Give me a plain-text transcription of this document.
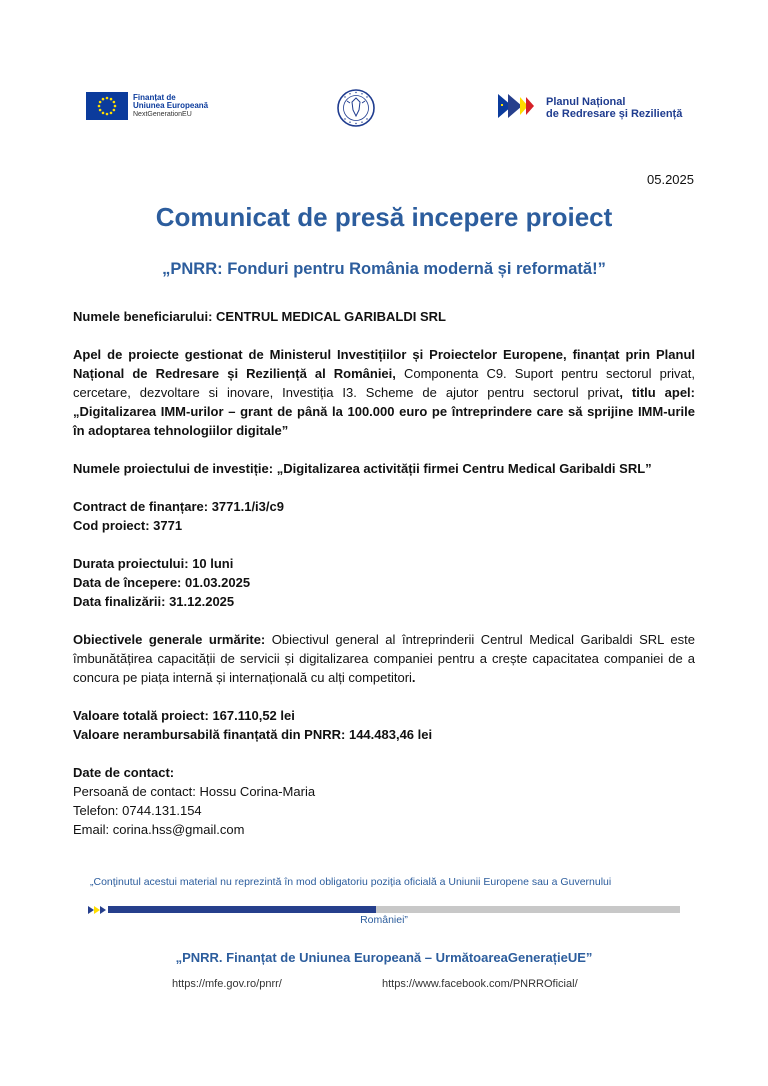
Finanțat de
Uniunea Europeană
NextGenerationEU
Planul Național
de Redresare și Reziliență
05.2025
Comunicat de presă incepere proiect
„PNRR: Fonduri pentru România modernă și reformată!”

Numele beneficiarului: CENTRUL MEDICAL GARIBALDI SRL

Apel de proiecte gestionat de Ministerul Investițiilor și Proiectelor Europene, finanțat prin Planul Național de Redresare și Reziliență al României, Componenta C9. Suport pentru sectorul privat, cercetare, dezvoltare si inovare, Investiția I3. Scheme de ajutor pentru sectorul privat, titlu apel: „Digitalizarea IMM-urilor – grant de până la 100.000 euro pe întreprindere care să sprijine IMM-urile în adoptarea tehnologiilor digitale”

Numele proiectului de investiție: „Digitalizarea activității firmei Centru Medical Garibaldi SRL”

Contract de finanțare: 3771.1/i3/c9

Cod proiect: 3771

Durata proiectului: 10 luni

Data de începere: 01.03.2025

Data finalizării: 31.12.2025

Obiectivele generale urmărite: Obiectivul general al întreprinderii Centrul Medical Garibaldi SRL este îmbunătățirea capacității de servicii și digitalizarea companiei pentru a crește capacitatea companiei de a concura pe piața internă și internațională cu alți competitori.

Valoare totală proiect: 167.110,52 lei

Valoare nerambursabilă finanțată din PNRR: 144.483,46 lei

Date de contact:

Persoană de contact: Hossu Corina-Maria

Telefon: 0744.131.154

Email: corina.hss@gmail.com

„Conţinutul acestui material nu reprezintă în mod obligatoriu poziția oficială a Uniunii Europene sau a Guvernului
României”
„PNRR. Finanțat de Uniunea Europeană – UrmătoareaGenerațieUE”
https://mfe.gov.ro/pnrr/	https://www.facebook.com/PNRROficial/
